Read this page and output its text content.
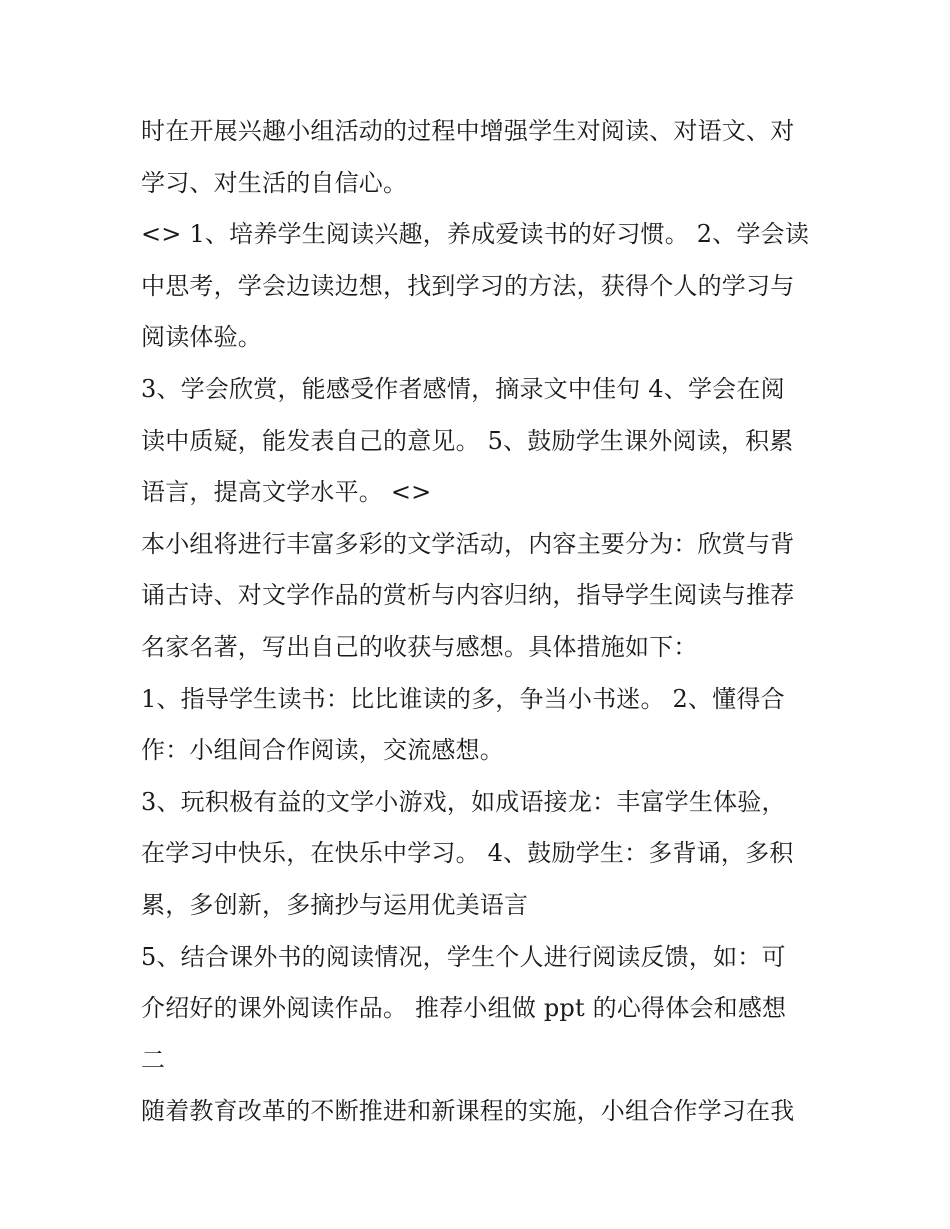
时在开展兴趣小组活动的过程中增强学生对阅读、对语文、对
学习、对生活的自信心。
<> 1、培养学生阅读兴趣，养成爱读书的好习惯。 2、学会读
中思考，学会边读边想，找到学习的方法，获得个人的学习与
阅读体验。
3、学会欣赏，能感受作者感情，摘录文中佳句 4、学会在阅
读中质疑，能发表自己的意见。 5、鼓励学生课外阅读，积累
语言，提高文学水平。 <>
本小组将进行丰富多彩的文学活动，内容主要分为：欣赏与背
诵古诗、对文学作品的赏析与内容归纳，指导学生阅读与推荐
名家名著，写出自己的收获与感想。具体措施如下：
1、指导学生读书：比比谁读的多，争当小书迷。 2、懂得合
作：小组间合作阅读，交流感想。
3、玩积极有益的文学小游戏，如成语接龙：丰富学生体验，
在学习中快乐，在快乐中学习。 4、鼓励学生：多背诵，多积
累，多创新，多摘抄与运用优美语言
5、结合课外书的阅读情况，学生个人进行阅读反馈，如：可
介绍好的课外阅读作品。 推荐小组做 ppt 的心得体会和感想
二
随着教育改革的不断推进和新课程的实施，小组合作学习在我
